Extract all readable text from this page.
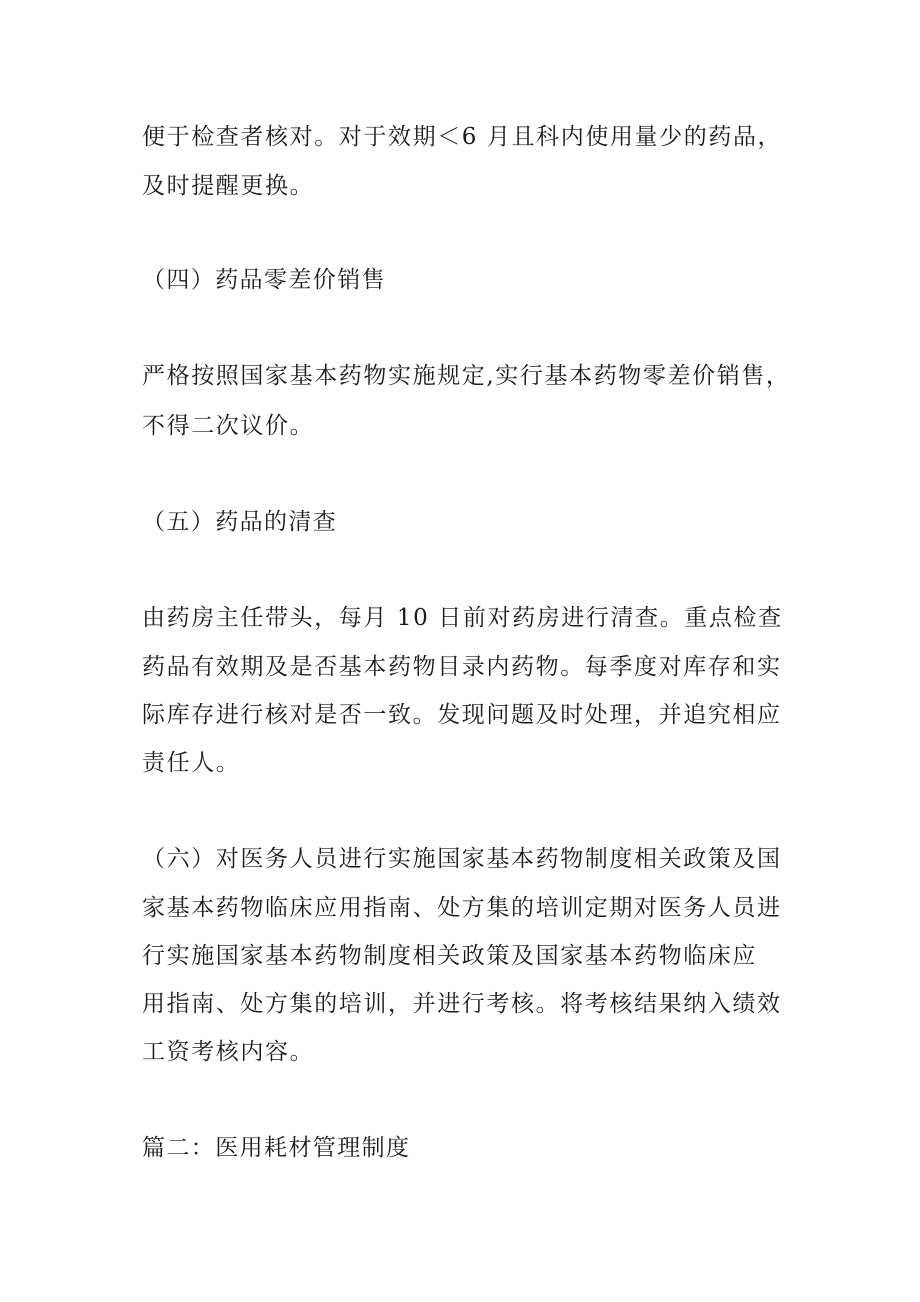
便于检查者核对。对于效期＜6 月且科内使用量少的药品，
及时提醒更换。
（四）药品零差价销售
严格按照国家基本药物实施规定,实行基本药物零差价销售，
不得二次议价。
（五）药品的清查
由药房主任带头，每月 10 日前对药房进行清查。重点检查
药品有效期及是否基本药物目录内药物。每季度对库存和实
际库存进行核对是否一致。发现问题及时处理，并追究相应
责任人。
（六）对医务人员进行实施国家基本药物制度相关政策及国
家基本药物临床应用指南、处方集的培训定期对医务人员进
行实施国家基本药物制度相关政策及国家基本药物临床应
用指南、处方集的培训，并进行考核。将考核结果纳入绩效
工资考核内容。
篇二：医用耗材管理制度
